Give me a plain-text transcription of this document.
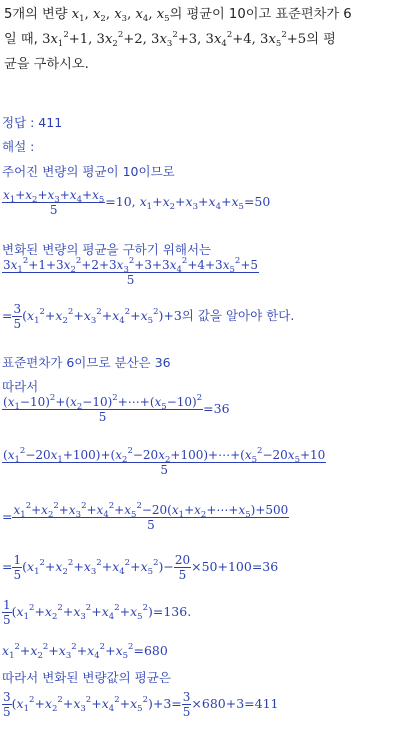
5개의 변량 $x_1$, $x_2$, $x_3$, $x_4$, $x_5$의 평균이 10이고 표준편차가 6
일 때, $3x_1^2+1$, $3x_2^2+2$, $3x_3^2+3$, $3x_4^2+4$, $3x_5^2+5$의 평
균을 구하시오.
정답 : 411
해설 :
주어진 변량의 평균이 10이므로
$\frac{x_1+x_2+x_3+x_4+x_5}{5} =10$, $x_1+x_2+x_3+x_4+x_5=50$
변화된 변량의 평균을 구하기 위해서는
$\frac{3x_1^2+1+3x_2^2+2+3x_3^2+3+3x_4^2+4+3x_5^2+5}{5}$
= $\frac{3}{5} (x_1^2+x_2^2+x_3^2+x_4^2+x_5^2)+3$의 값을 알아야 한다.
표준편차가 6이므로 분산은 36
따라서
$\frac{(x_1-10)^2+(x_2-10)^2+\cdots+(x_5-10)^2}{5} =36$
$\frac{(x_1^2-20x_1+100)+(x_2^2-20x_2+100)+\cdots+(x_5^2-20x_5+10}{5}$
= $\frac{x_1^2+x_2^2+x_3^2+x_4^2+x_5^2-20(x_1+x_2+\cdots+x_5)+500}{5}$
= $\frac{1}{5} (x_1^2+x_2^2+x_3^2+x_4^2+x_5^2)- \frac{20}{5} \times 50+100=36$
$\frac{1}{5} (x_1^2+x_2^2+x_3^2+x_4^2+x_5^2)=136$.
$x_1^2+x_2^2+x_3^2+x_4^2+x_5^2=680$
따라서 변화된 변량값의 평균은
$\frac{3}{5} (x_1^2+x_2^2+x_3^2+x_4^2+x_5^2)+3= \frac{3}{5} \times 680+3=411$
